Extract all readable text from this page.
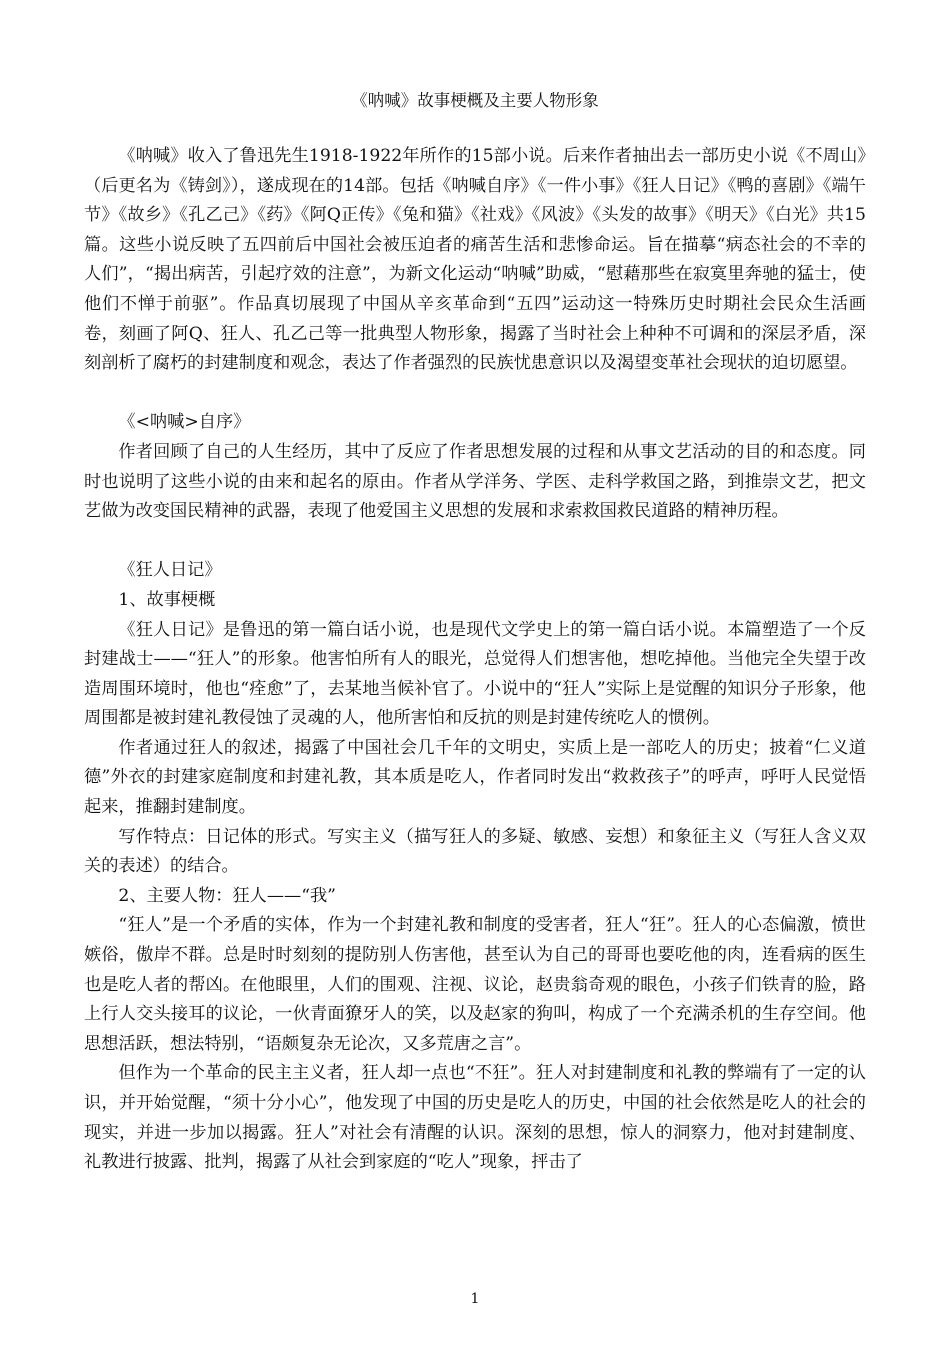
《呐喊》故事梗概及主要人物形象

《呐喊》收入了鲁迅先生1918-1922年所作的15部小说。后来作者抽出去一部历史小说《不周山》（后更名为《铸剑》），遂成现在的14部。包括《呐喊自序》《一件小事》《狂人日记》《鸭的喜剧》《端午节》《故乡》《孔乙己》《药》《阿Q正传》《兔和猫》《社戏》《风波》《头发的故事》《明天》《白光》共15篇。这些小说反映了五四前后中国社会被压迫者的痛苦生活和悲惨命运。旨在描摹“病态社会的不幸的人们”，“揭出病苦，引起疗效的注意”，为新文化运动“呐喊”助威，“慰藉那些在寂寞里奔驰的猛士，使他们不惮于前驱”。作品真切展现了中国从辛亥革命到“五四”运动这一特殊历史时期社会民众生活画卷，刻画了阿Q、狂人、孔乙己等一批典型人物形象，揭露了当时社会上种种不可调和的深层矛盾，深刻剖析了腐朽的封建制度和观念，表达了作者强烈的民族忧患意识以及渴望变革社会现状的迫切愿望。

《<呐喊>自序》

作者回顾了自己的人生经历，其中了反应了作者思想发展的过程和从事文艺活动的目的和态度。同时也说明了这些小说的由来和起名的原由。作者从学洋务、学医、走科学救国之路，到推崇文艺，把文艺做为改变国民精神的武器，表现了他爱国主义思想的发展和求索救国救民道路的精神历程。

《狂人日记》

1、故事梗概

《狂人日记》是鲁迅的第一篇白话小说，也是现代文学史上的第一篇白话小说。本篇塑造了一个反封建战士——“狂人”的形象。他害怕所有人的眼光，总觉得人们想害他，想吃掉他。当他完全失望于改造周围环境时，他也“痊愈”了，去某地当候补官了。小说中的“狂人”实际上是觉醒的知识分子形象，他周围都是被封建礼教侵蚀了灵魂的人，他所害怕和反抗的则是封建传统吃人的惯例。

作者通过狂人的叙述，揭露了中国社会几千年的文明史，实质上是一部吃人的历史；披着“仁义道德”外衣的封建家庭制度和封建礼教，其本质是吃人，作者同时发出“救救孩子”的呼声，呼吁人民觉悟起来，推翻封建制度。

写作特点：日记体的形式。写实主义（描写狂人的多疑、敏感、妄想）和象征主义（写狂人含义双关的表述）的结合。

2、主要人物：狂人——“我”

“狂人”是一个矛盾的实体，作为一个封建礼教和制度的受害者，狂人“狂”。狂人的心态偏激，愤世嫉俗，傲岸不群。总是时时刻刻的提防别人伤害他，甚至认为自己的哥哥也要吃他的肉，连看病的医生也是吃人者的帮凶。在他眼里，人们的围观、注视、议论，赵贵翁奇观的眼色，小孩子们铁青的脸，路上行人交头接耳的议论，一伙青面獠牙人的笑，以及赵家的狗叫，构成了一个充满杀机的生存空间。他思想活跃，想法特别，“语颇复杂无论次，又多荒唐之言”。

但作为一个革命的民主主义者，狂人却一点也“不狂”。狂人对封建制度和礼教的弊端有了一定的认识，并开始觉醒，“须十分小心”，他发现了中国的历史是吃人的历史，中国的社会依然是吃人的社会的现实，并进一步加以揭露。狂人”对社会有清醒的认识。深刻的思想，惊人的洞察力，他对封建制度、礼教进行披露、批判，揭露了从社会到家庭的“吃人”现象，抨击了

1
